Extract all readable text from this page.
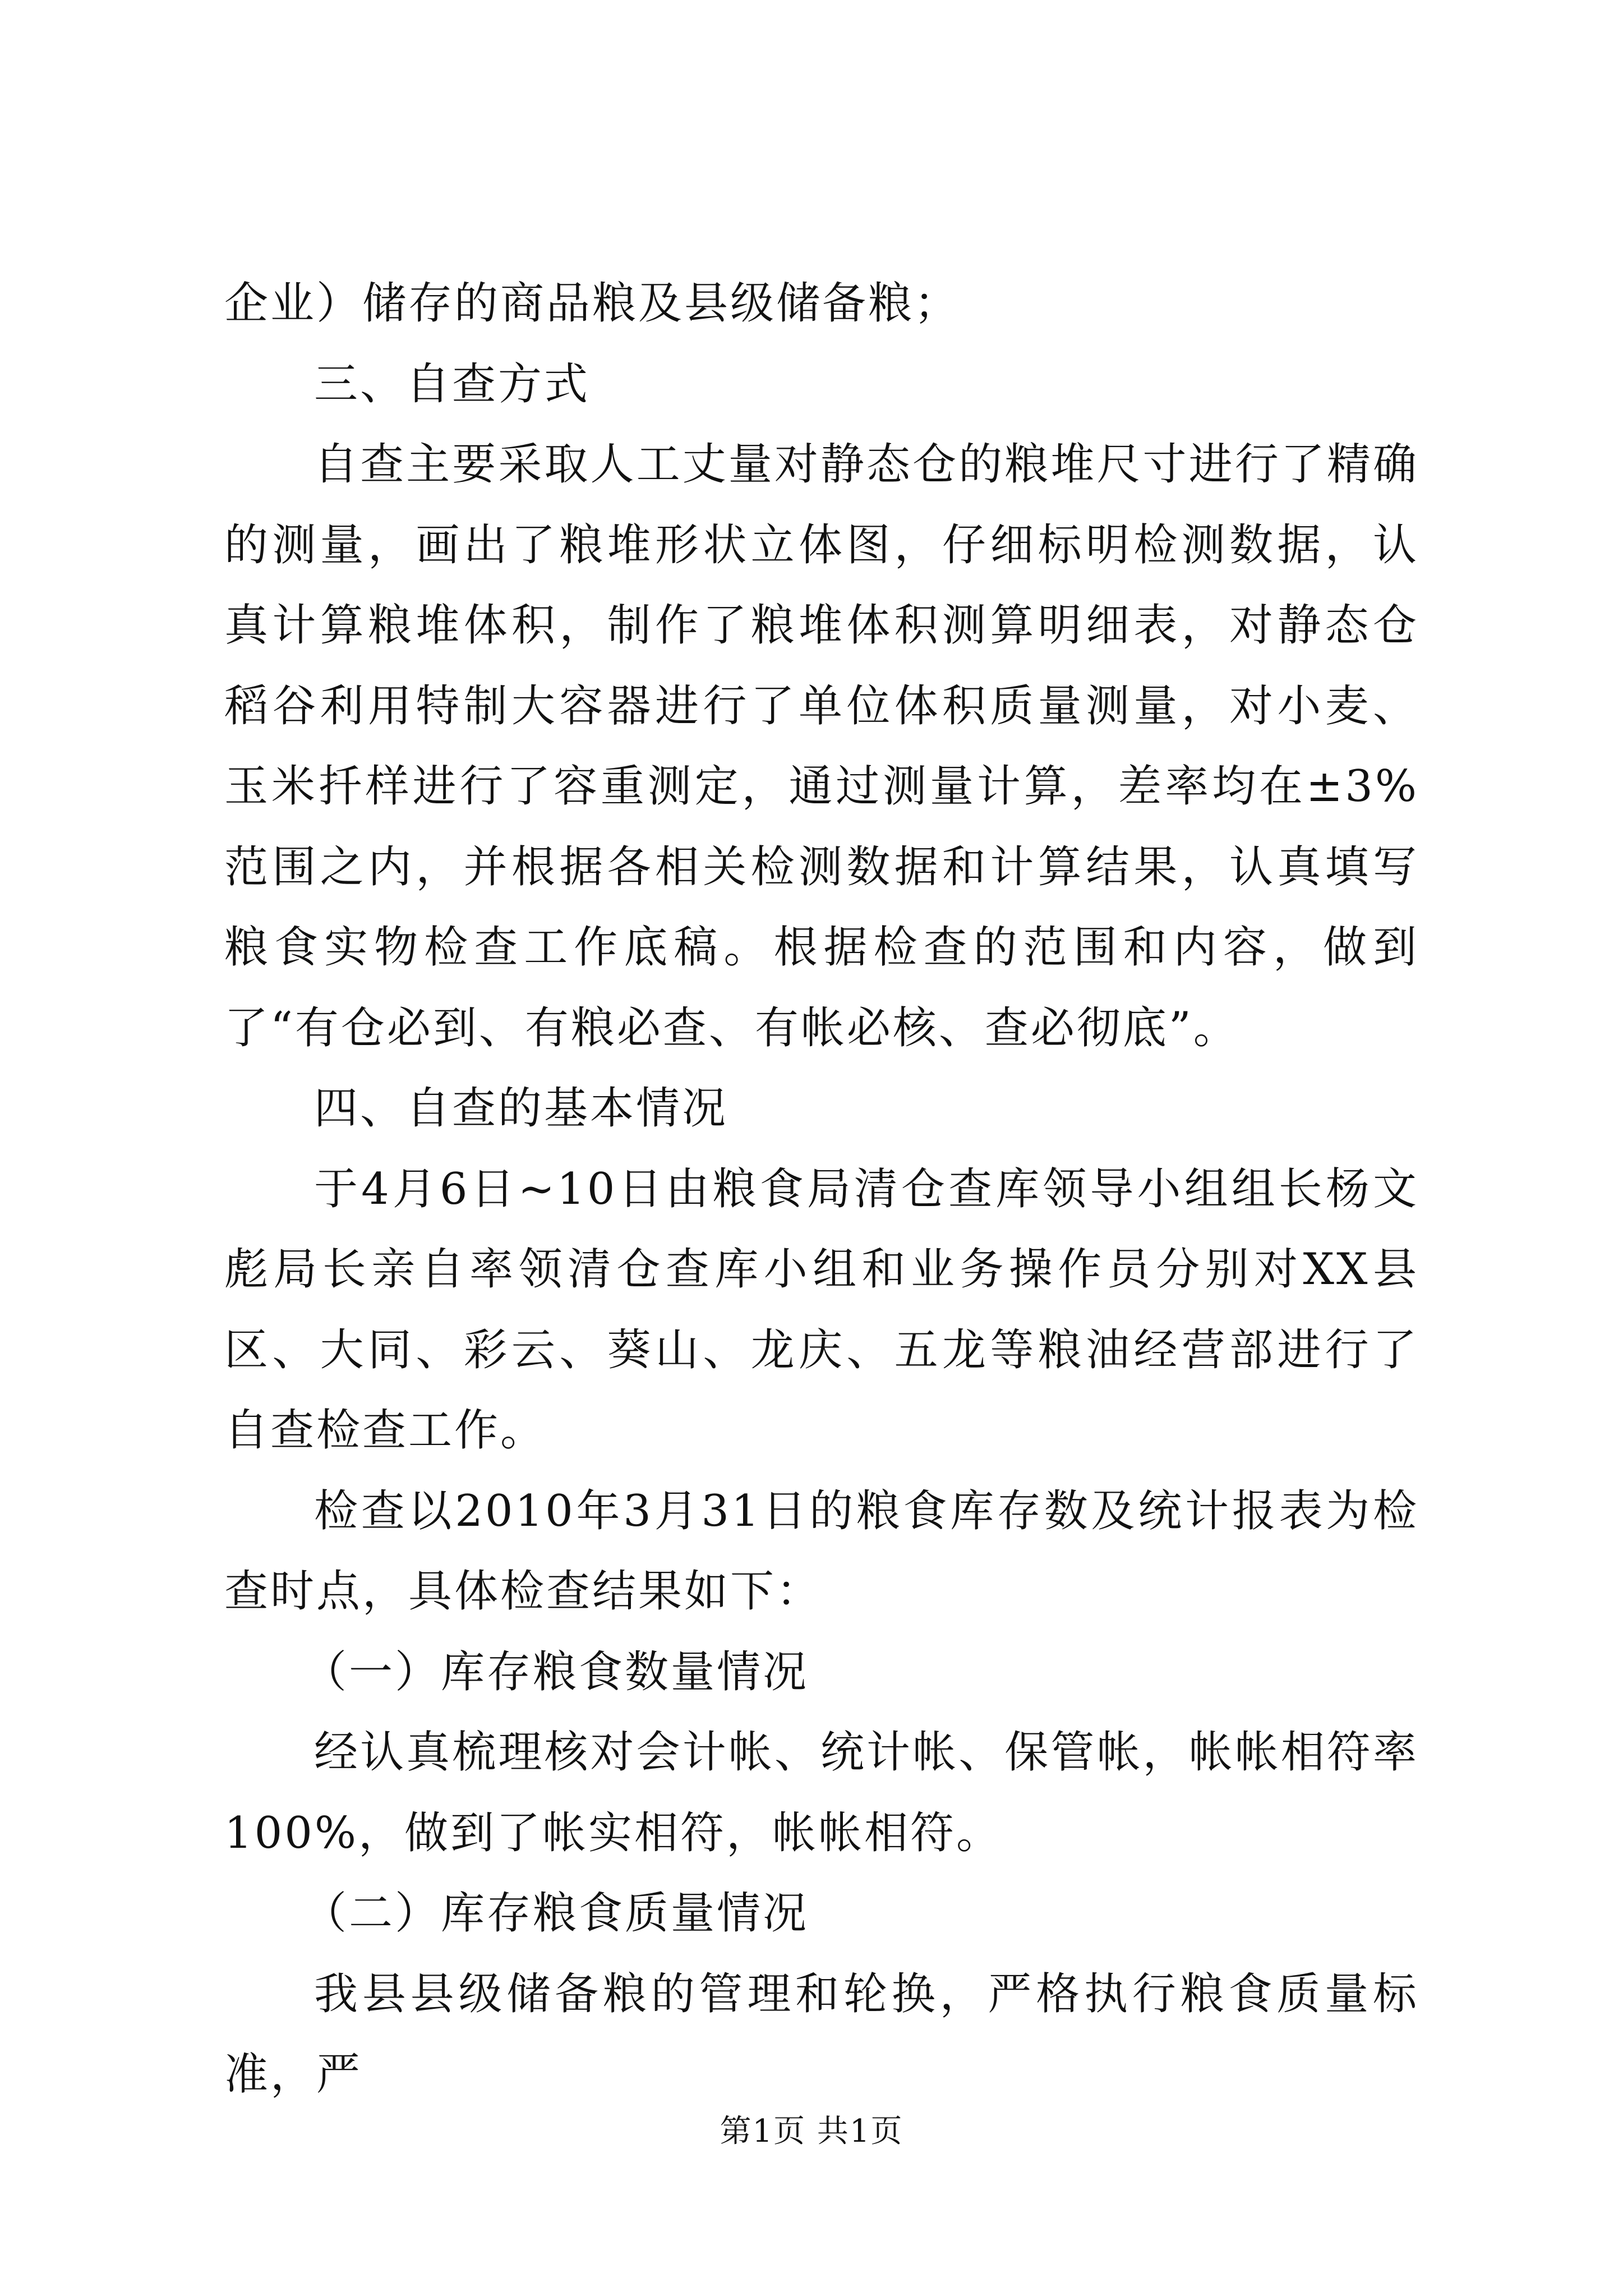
企业）储存的商品粮及县级储备粮；

三、自查方式

自查主要采取人工丈量对静态仓的粮堆尺寸进行了精确的测量，画出了粮堆形状立体图，仔细标明检测数据，认真计算粮堆体积，制作了粮堆体积测算明细表，对静态仓稻谷利用特制大容器进行了单位体积质量测量，对小麦、玉米扦样进行了容重测定，通过测量计算，差率均在±3%范围之内，并根据各相关检测数据和计算结果，认真填写粮食实物检查工作底稿。根据检查的范围和内容，做到了“有仓必到、有粮必查、有帐必核、查必彻底”。

四、自查的基本情况

于4月6日~10日由粮食局清仓查库领导小组组长杨文彪局长亲自率领清仓查库小组和业务操作员分别对XX县区、大同、彩云、葵山、龙庆、五龙等粮油经营部进行了自查检查工作。

检查以2010年3月31日的粮食库存数及统计报表为检查时点，具体检查结果如下：

（一）库存粮食数量情况

经认真梳理核对会计帐、统计帐、保管帐，帐帐相符率100%，做到了帐实相符，帐帐相符。

（二）库存粮食质量情况

我县县级储备粮的管理和轮换，严格执行粮食质量标准，严

第1页 共1页
